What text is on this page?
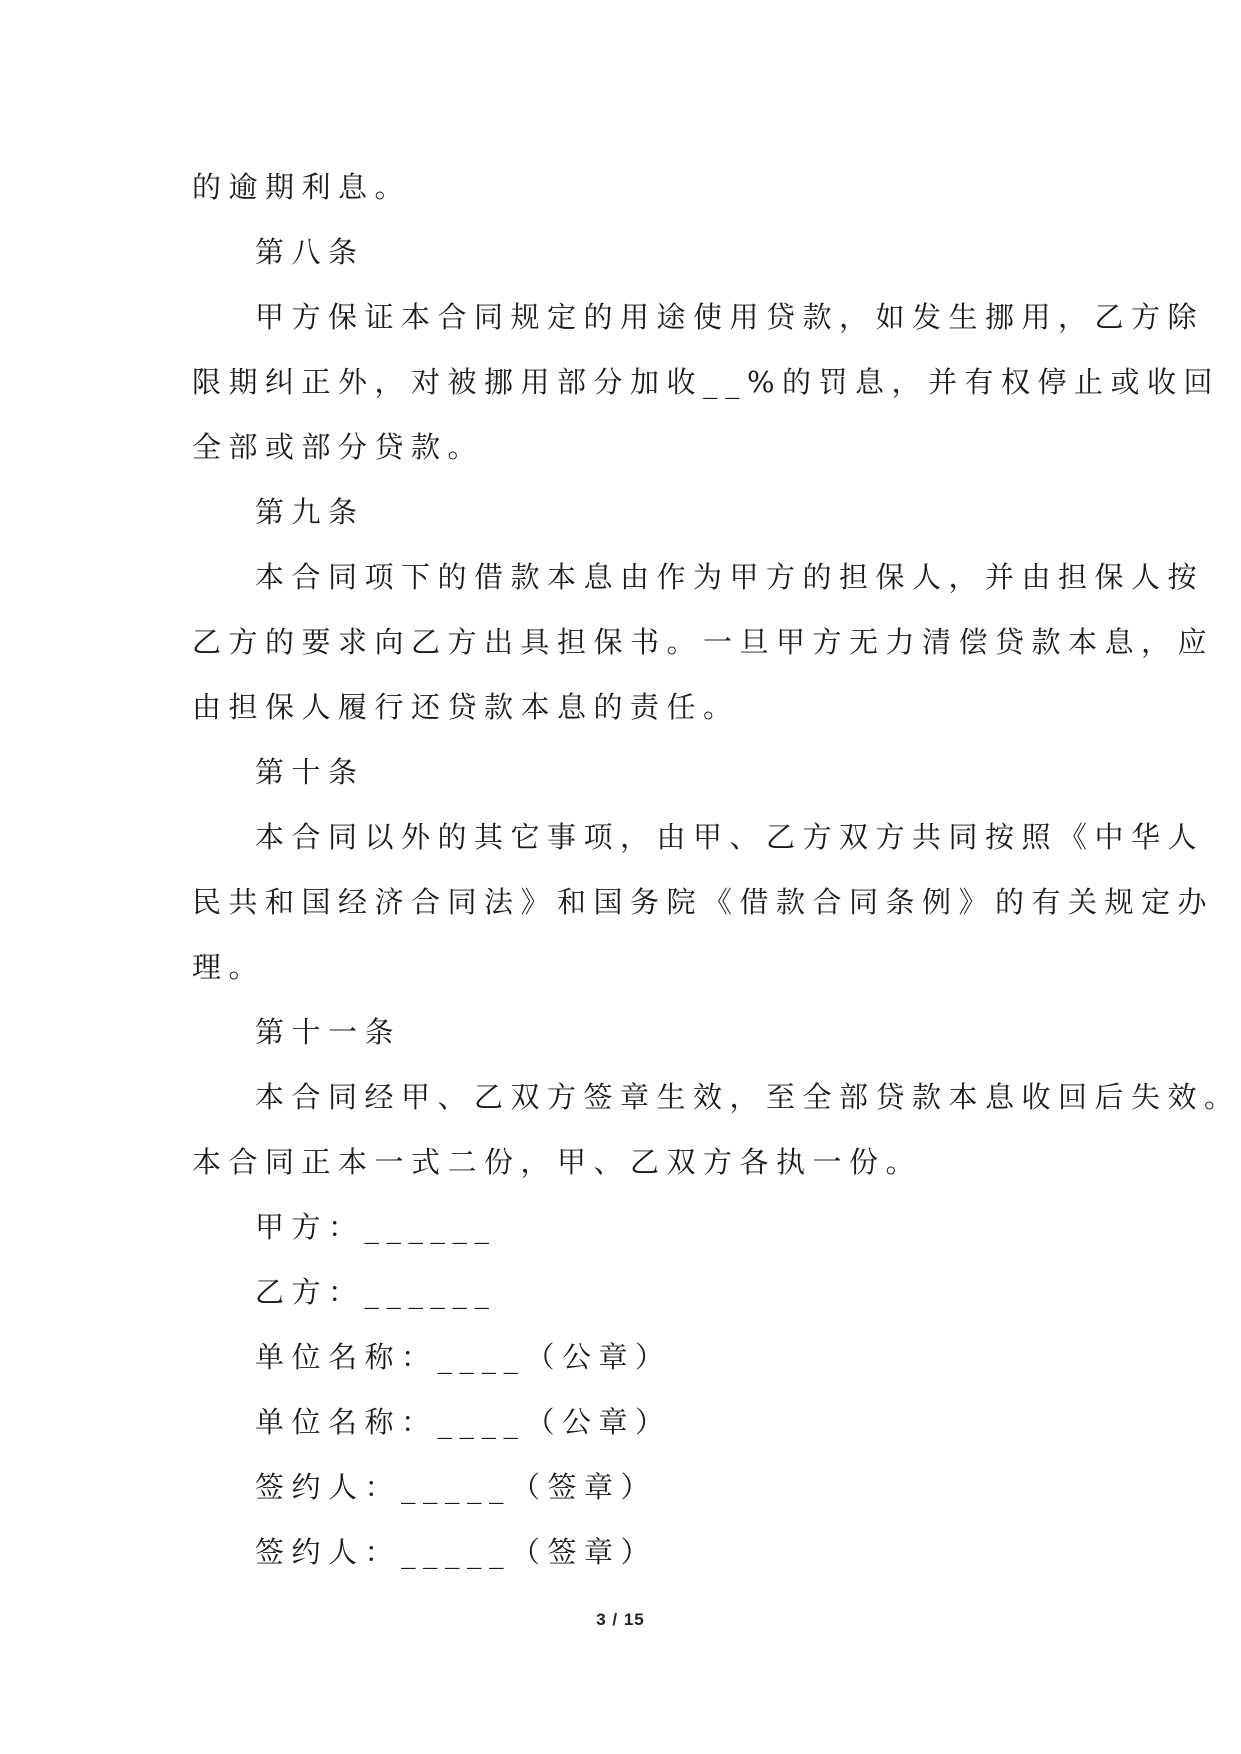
的逾期利息。
第八条
甲方保证本合同规定的用途使用贷款，如发生挪用，乙方除
限期纠正外，对被挪用部分加收__%的罚息，并有权停止或收回
全部或部分贷款。
第九条
本合同项下的借款本息由作为甲方的担保人，并由担保人按
乙方的要求向乙方出具担保书。一旦甲方无力清偿贷款本息，应
由担保人履行还贷款本息的责任。
第十条
本合同以外的其它事项，由甲、乙方双方共同按照《中华人
民共和国经济合同法》和国务院《借款合同条例》的有关规定办
理。
第十一条
本合同经甲、乙双方签章生效，至全部贷款本息收回后失效。
本合同正本一式二份，甲、乙双方各执一份。
甲方：______
乙方：______
单位名称：____（公章）
单位名称：____（公章）
签约人：_____（签章）
签约人：_____（签章）
3 / 15
